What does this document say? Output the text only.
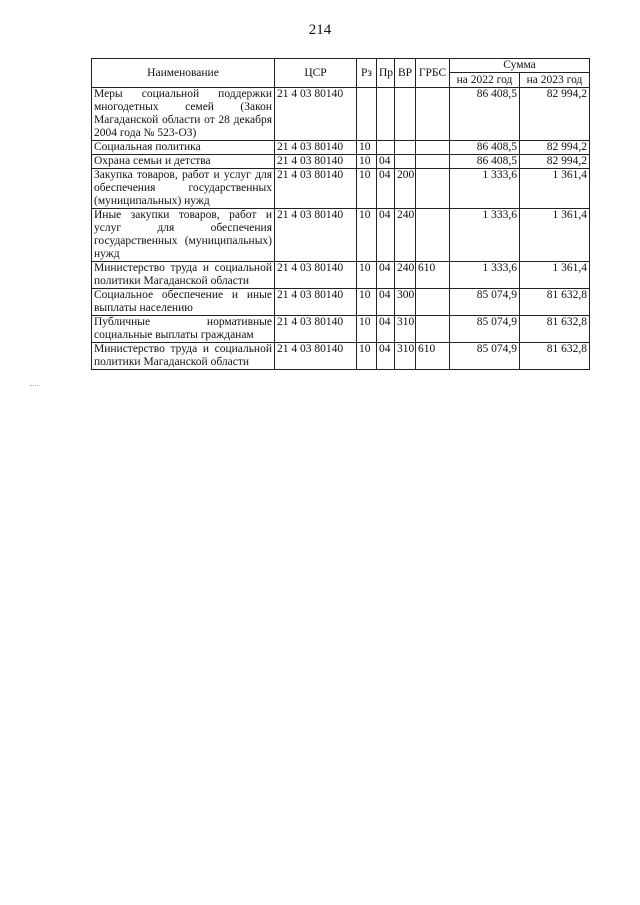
214
Наименование	ЦСР	Рз	Пр	ВР	ГРБС	Сумма	
						на 2022 год	на 2023 год
Меры социальной поддержки многодетных семей (Закон Магаданской области от 28 декабря 2004 года № 523-ОЗ)	21 4 03 80140					86 408,5	82 994,2
Социальная политика	21 4 03 80140	10				86 408,5	82 994,2
Охрана семьи и детства	21 4 03 80140	10	04			86 408,5	82 994,2
Закупка товаров, работ и услуг для обеспечения государственных (муниципальных) нужд	21 4 03 80140	10	04	200		1 333,6	1 361,4
Иные закупки товаров, работ и услуг для обеспечения государственных (муниципальных) нужд	21 4 03 80140	10	04	240		1 333,6	1 361,4
Министерство труда и социальной политики Магаданской области	21 4 03 80140	10	04	240	610	1 333,6	1 361,4
Социальное обеспечение и иные выплаты населению	21 4 03 80140	10	04	300		85 074,9	81 632,8
Публичные нормативные социальные выплаты гражданам	21 4 03 80140	10	04	310		85 074,9	81 632,8
Министерство труда и социальной политики Магаданской области	21 4 03 80140	10	04	310	610	85 074,9	81 632,8
